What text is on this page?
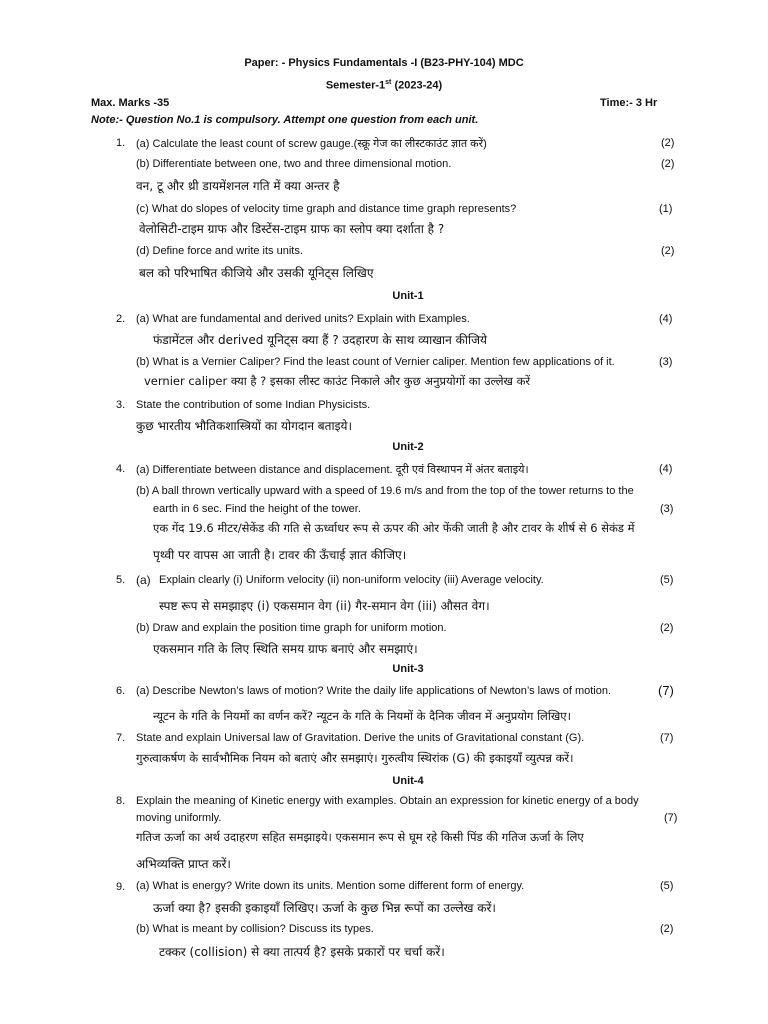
Paper: - Physics Fundamentals -I (B23-PHY-104) MDC
Semester-1st (2023-24)
Max. Marks -35	Time:- 3 Hr
Note:- Question No.1 is compulsory. Attempt one question from each unit.
1. (a) Calculate the least count of screw gauge.(स्क्रू गेज का लीस्टकाउंट ज्ञात करें)	(2)
(b) Differentiate between one, two and three dimensional motion.	(2)
वन, टू और थ्री डायमेंशनल गति में क्या अन्तर है
(c) What do slopes of velocity time graph and distance time graph represents?	(1)
वेलोसिटी-टाइम ग्राफ और डिस्टेंस-टाइम ग्राफ का स्लोप क्या दर्शाता है ?
(d) Define force and write its units.	(2)
बल को परिभाषित कीजिये और उसकी यूनिट्स लिखिए
Unit-1
2. (a) What are fundamental and derived units? Explain with Examples.	(4)
फंडामेंटल और derived यूनिट्स क्या हैं ? उदहारण के साथ व्याखान कीजिये
(b) What is a Vernier Caliper? Find the least count of Vernier caliper. Mention few applications of it.	(3)
vernier caliper क्या है ? इसका लीस्ट काउंट निकाले और कुछ अनुप्रयोगों का उल्लेख करें
3. State the contribution of some Indian Physicists.
कुछ भारतीय भौतिकशास्त्रियों का योगदान बताइये।
Unit-2
4. (a) Differentiate between distance and displacement. दूरी एवं विस्थापन में अंतर बताइये।	(4)
(b) A ball thrown vertically upward with a speed of 19.6 m/s and from the top of the tower returns to the
earth in 6 sec. Find the height of the tower.	(3)
एक गेंद 19.6 मीटर/सेकेंड की गति से ऊर्ध्वाधर रूप से ऊपर की ओर फेंकी जाती है और टावर के शीर्ष से 6 सेकंड में
पृथ्वी पर वापस आ जाती है। टावर की ऊँचाई ज्ञात कीजिए।
5. (a) Explain clearly (i) Uniform velocity (ii) non-uniform velocity (iii) Average velocity.	(5)
स्पष्ट रूप से समझाइए (i) एकसमान वेग (ii) गैर-समान वेग (iii) औसत वेग।
(b) Draw and explain the position time graph for uniform motion.	(2)
एकसमान गति के लिए स्थिति समय ग्राफ बनाएं और समझाएं।
Unit-3
6. (a) Describe Newton’s laws of motion? Write the daily life applications of Newton’s laws of motion.	(7)
न्यूटन के गति के नियमों का वर्णन करें? न्यूटन के गति के नियमों के दैनिक जीवन में अनुप्रयोग लिखिए।
7. State and explain Universal law of Gravitation. Derive the units of Gravitational constant (G).	(7)
गुरुत्वाकर्षण के सार्वभौमिक नियम को बताएं और समझाएं। गुरुत्वीय स्थिरांक (G) की इकाइयाँ व्युत्पन्न करें।
Unit-4
8. Explain the meaning of Kinetic energy with examples. Obtain an expression for kinetic energy of a body
moving uniformly.	(7)
गतिज ऊर्जा का अर्थ उदाहरण सहित समझाइये। एकसमान रूप से घूम रहे किसी पिंड की गतिज ऊर्जा के लिए
अभिव्यक्ति प्राप्त करें।
9. (a) What is energy? Write down its units. Mention some different form of energy.	(5)
ऊर्जा क्या है? इसकी इकाइयाँ लिखिए। ऊर्जा के कुछ भिन्न रूपों का उल्लेख करें।
(b) What is meant by collision? Discuss its types.	(2)
टक्कर (collision) से क्या तात्पर्य है? इसके प्रकारों पर चर्चा करें।
